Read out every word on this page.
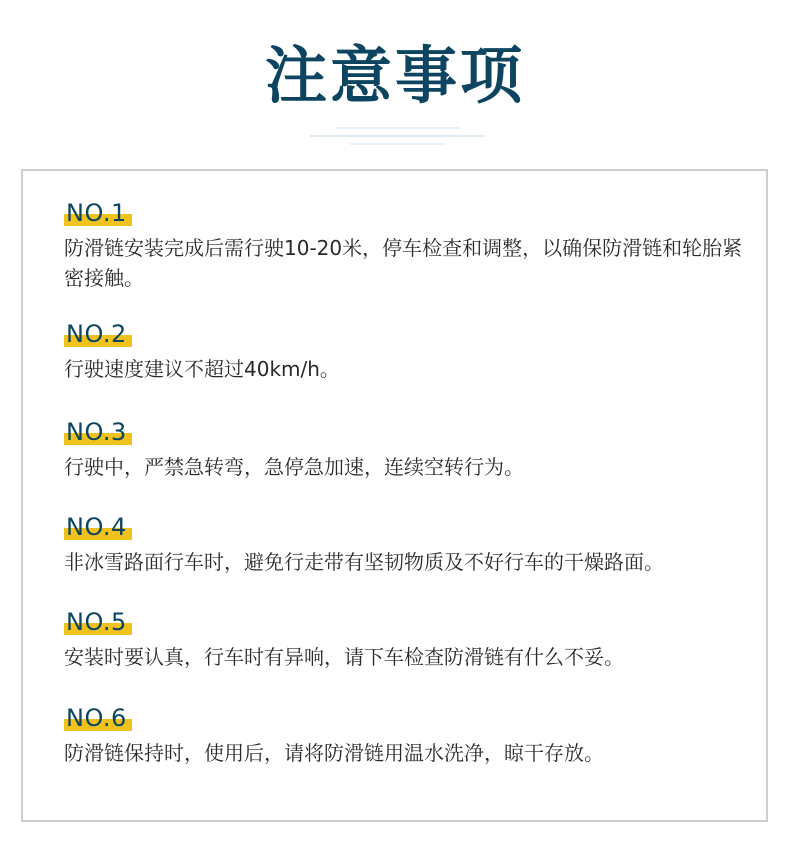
注意事项
NO.1
防滑链安装完成后需行驶10-20米，停车检查和调整，以确保防滑链和轮胎紧密接触。
NO.2
行驶速度建议不超过40km/h。
NO.3
行驶中，严禁急转弯，急停急加速，连续空转行为。
NO.4
非冰雪路面行车时，避免行走带有坚韧物质及不好行车的干燥路面。
NO.5
安装时要认真，行车时有异响，请下车检查防滑链有什么不妥。
NO.6
防滑链保持时，使用后，请将防滑链用温水洗净，晾干存放。
